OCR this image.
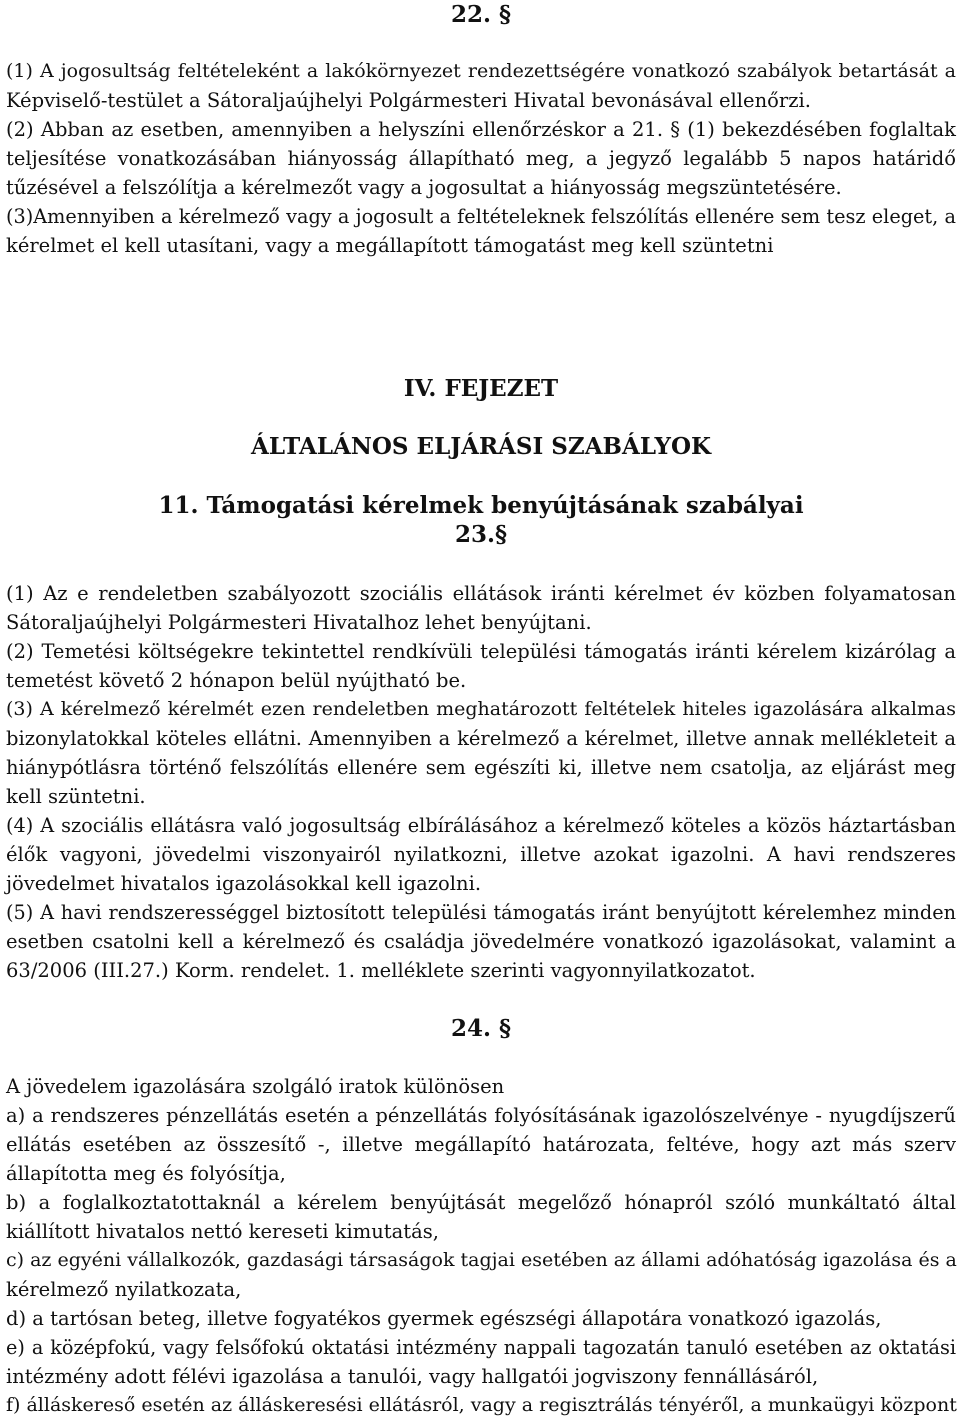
22. §
(1) A jogosultság feltételeként a lakókörnyezet rendezettségére vonatkozó szabályok betartását a
Képviselő-testület a Sátoraljaújhelyi Polgármesteri Hivatal bevonásával ellenőrzi.
(2) Abban az esetben, amennyiben a helyszíni ellenőrzéskor a 21. § (1) bekezdésében foglaltak
teljesítése vonatkozásában hiányosság állapítható meg, a jegyző legalább 5 napos határidő
tűzésével a felszólítja a kérelmezőt vagy a jogosultat a hiányosság megszüntetésére.
(3)Amennyiben a kérelmező vagy a jogosult a feltételeknek felszólítás ellenére sem tesz eleget, a
kérelmet el kell utasítani, vagy a megállapított támogatást meg kell szüntetni
IV. FEJEZET
ÁLTALÁNOS ELJÁRÁSI SZABÁLYOK
11. Támogatási kérelmek benyújtásának szabályai
23.§
(1) Az e rendeletben szabályozott szociális ellátások iránti kérelmet év közben folyamatosan
Sátoraljaújhelyi Polgármesteri Hivatalhoz lehet benyújtani.
(2) Temetési költségekre tekintettel rendkívüli települési támogatás iránti kérelem kizárólag a
temetést követő 2 hónapon belül nyújtható be.
(3) A kérelmező kérelmét ezen rendeletben meghatározott feltételek hiteles igazolására alkalmas
bizonylatokkal köteles ellátni. Amennyiben a kérelmező a kérelmet, illetve annak mellékleteit a
hiánypótlásra történő felszólítás ellenére sem egészíti ki, illetve nem csatolja, az eljárást meg
kell szüntetni.
(4) A szociális ellátásra való jogosultság elbírálásához a kérelmező köteles a közös háztartásban
élők vagyoni, jövedelmi viszonyairól nyilatkozni, illetve azokat igazolni. A havi rendszeres
jövedelmet hivatalos igazolásokkal kell igazolni.
(5) A havi rendszerességgel biztosított települési támogatás iránt benyújtott kérelemhez minden
esetben csatolni kell a kérelmező és családja jövedelmére vonatkozó igazolásokat, valamint a
63/2006 (III.27.) Korm. rendelet. 1. melléklete szerinti vagyonnyilatkozatot.
24. §
A jövedelem igazolására szolgáló iratok különösen
a) a rendszeres pénzellátás esetén a pénzellátás folyósításának igazolószelvénye - nyugdíjszerű
ellátás esetében az összesítő -, illetve megállapító határozata, feltéve, hogy azt más szerv
állapította meg és folyósítja,
b) a foglalkoztatottaknál a kérelem benyújtását megelőző hónapról szóló munkáltató által
kiállított hivatalos nettó kereseti kimutatás,
c) az egyéni vállalkozók, gazdasági társaságok tagjai esetében az állami adóhatóság igazolása és a
kérelmező nyilatkozata,
d) a tartósan beteg, illetve fogyatékos gyermek egészségi állapotára vonatkozó igazolás,
e) a középfokú, vagy felsőfokú oktatási intézmény nappali tagozatán tanuló esetében az oktatási
intézmény adott félévi igazolása a tanulói, vagy hallgatói jogviszony fennállásáról,
f) álláskereső esetén az álláskeresési ellátásról, vagy a regisztrálás tényéről, a munkaügyi központ
